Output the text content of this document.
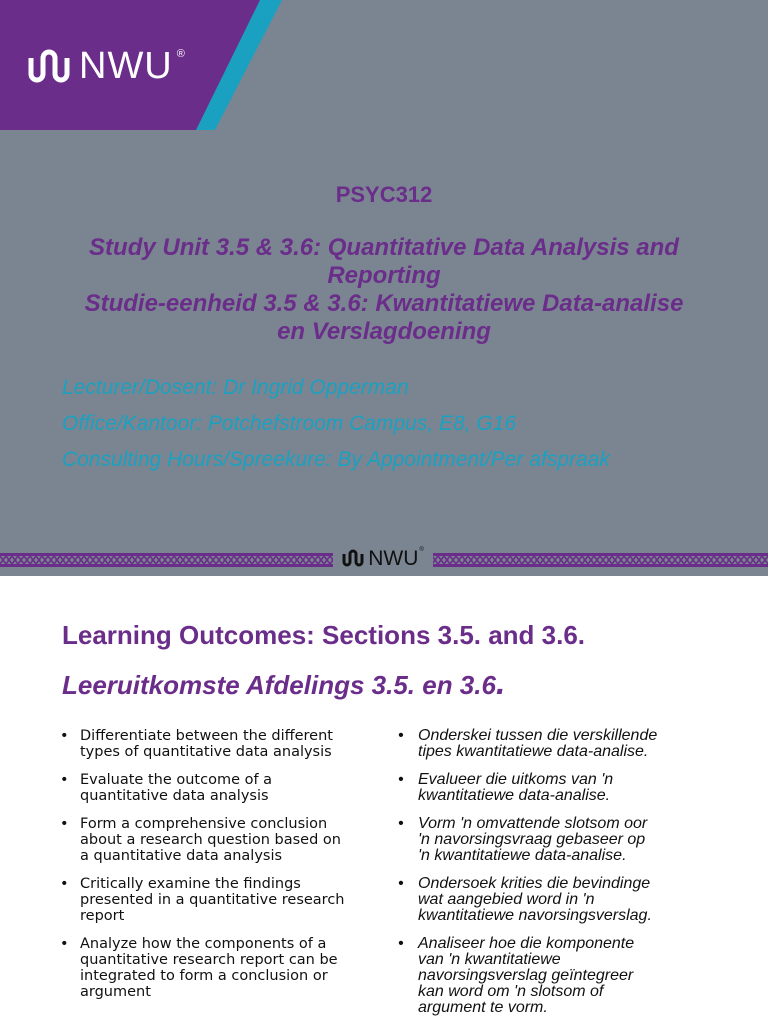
NWU ®
PSYC312
Study Unit 3.5 & 3.6: Quantitative Data Analysis and
Reporting
Studie-eenheid 3.5 & 3.6: Kwantitatiewe Data-analise
en Verslagdoening
Lecturer/Dosent: Dr Ingrid Opperman
Office/Kantoor: Potchefstroom Campus, E8, G16
Consulting Hours/Spreekure: By Appointment/Per afspraak
NWU ®
Learning Outcomes: Sections 3.5. and 3.6.
Leeruitkomste Afdelings 3.5. en 3.6.
• Differentiate between the different
types of quantitative data analysis
• Evaluate the outcome of a
quantitative data analysis
• Form a comprehensive conclusion
about a research question based on
a quantitative data analysis
• Critically examine the findings
presented in a quantitative research
report
• Analyze how the components of a
quantitative research report can be
integrated to form a conclusion or
argument
• Onderskei tussen die verskillende
tipes kwantitatiewe data-analise.
• Evalueer die uitkoms van 'n
kwantitatiewe data-analise.
• Vorm 'n omvattende slotsom oor
'n navorsingsvraag gebaseer op
'n kwantitatiewe data-analise.
• Ondersoek krities die bevindinge
wat aangebied word in 'n
kwantitatiewe navorsingsverslag.
• Analiseer hoe die komponente
van 'n kwantitatiewe
navorsingsverslag geïntegreer
kan word om 'n slotsom of
argument te vorm.
